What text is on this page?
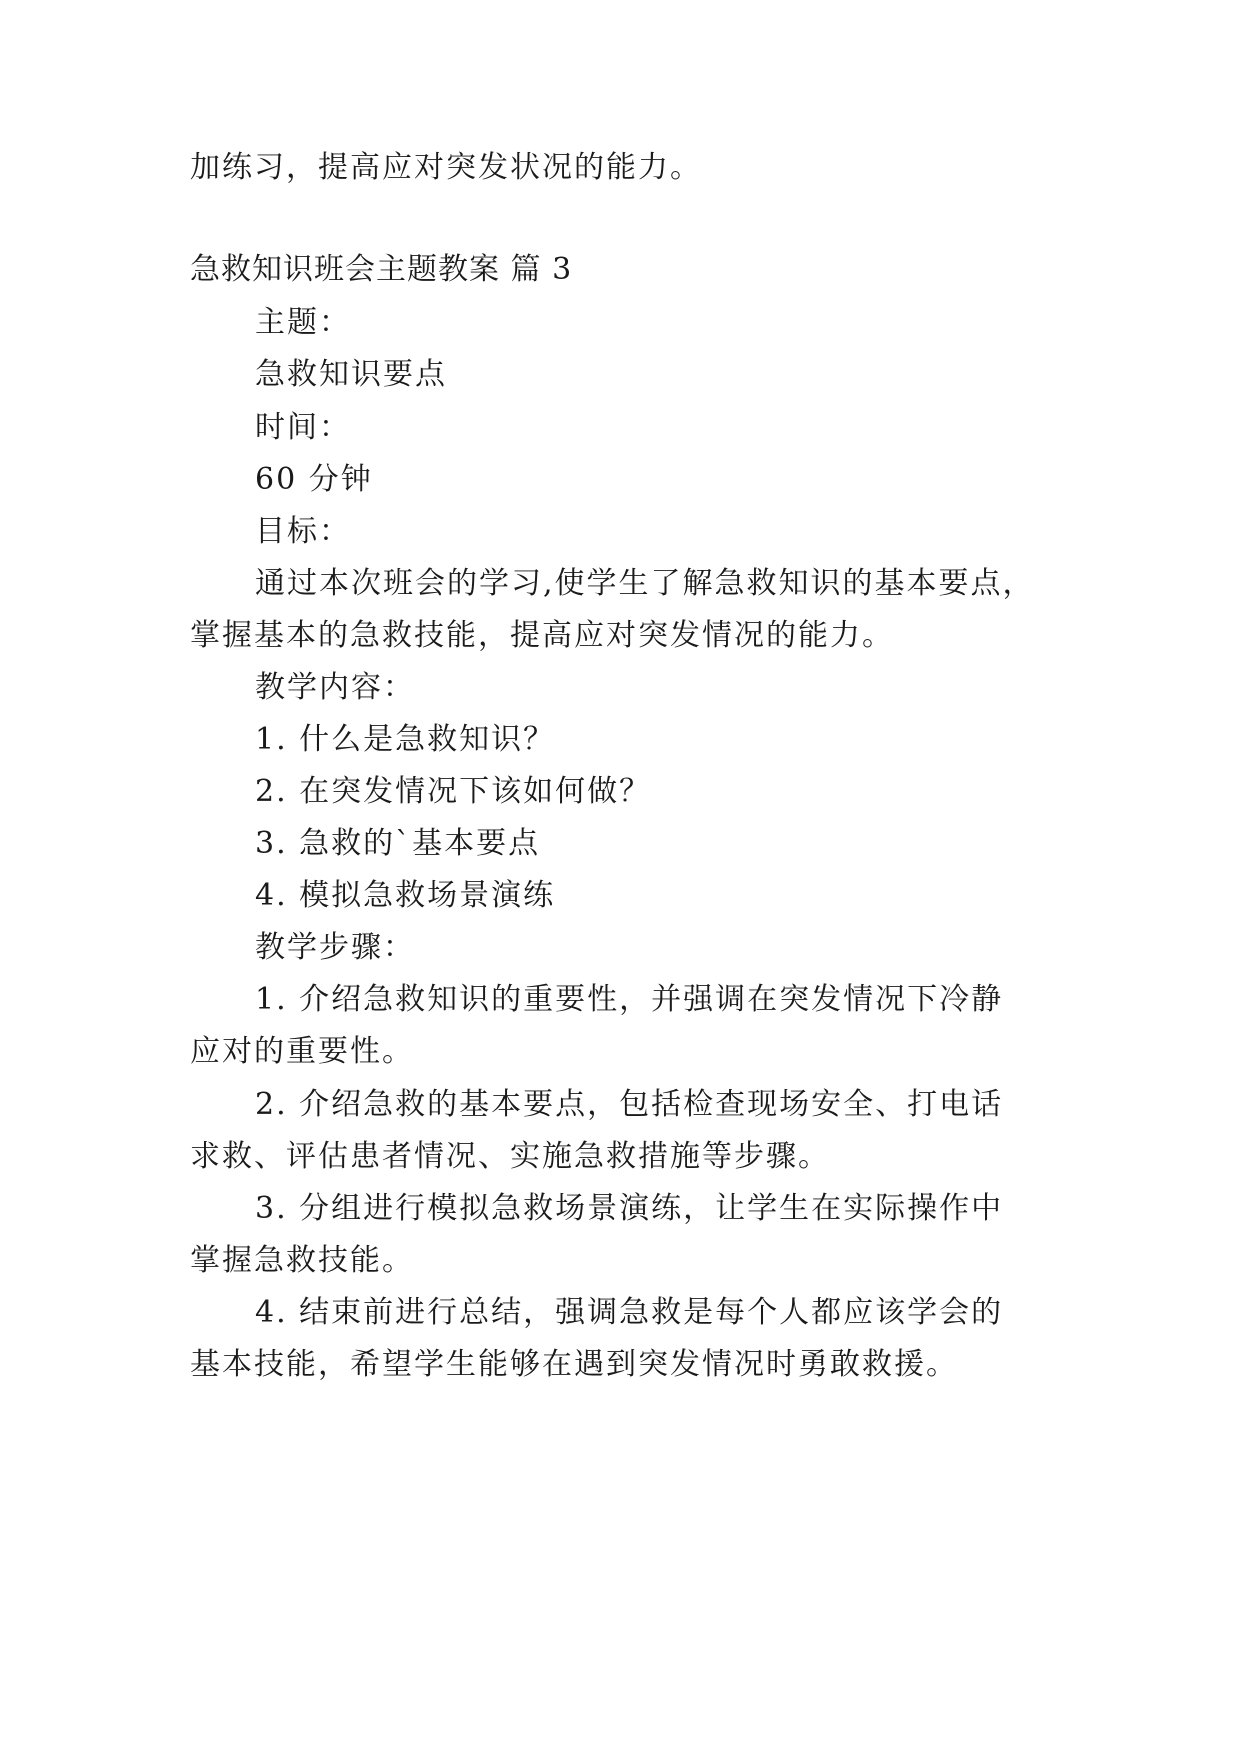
加练习，提高应对突发状况的能力。
急救知识班会主题教案 篇 3
主题：
急救知识要点
时间：
60 分钟
目标：
通过本次班会的学习,使学生了解急救知识的基本要点，
掌握基本的急救技能，提高应对突发情况的能力。
教学内容：
1. 什么是急救知识？
2. 在突发情况下该如何做？
3. 急救的`基本要点
4. 模拟急救场景演练
教学步骤：
1. 介绍急救知识的重要性，并强调在突发情况下冷静
应对的重要性。
2. 介绍急救的基本要点，包括检查现场安全、打电话
求救、评估患者情况、实施急救措施等步骤。
3. 分组进行模拟急救场景演练，让学生在实际操作中
掌握急救技能。
4. 结束前进行总结，强调急救是每个人都应该学会的
基本技能，希望学生能够在遇到突发情况时勇敢救援。
